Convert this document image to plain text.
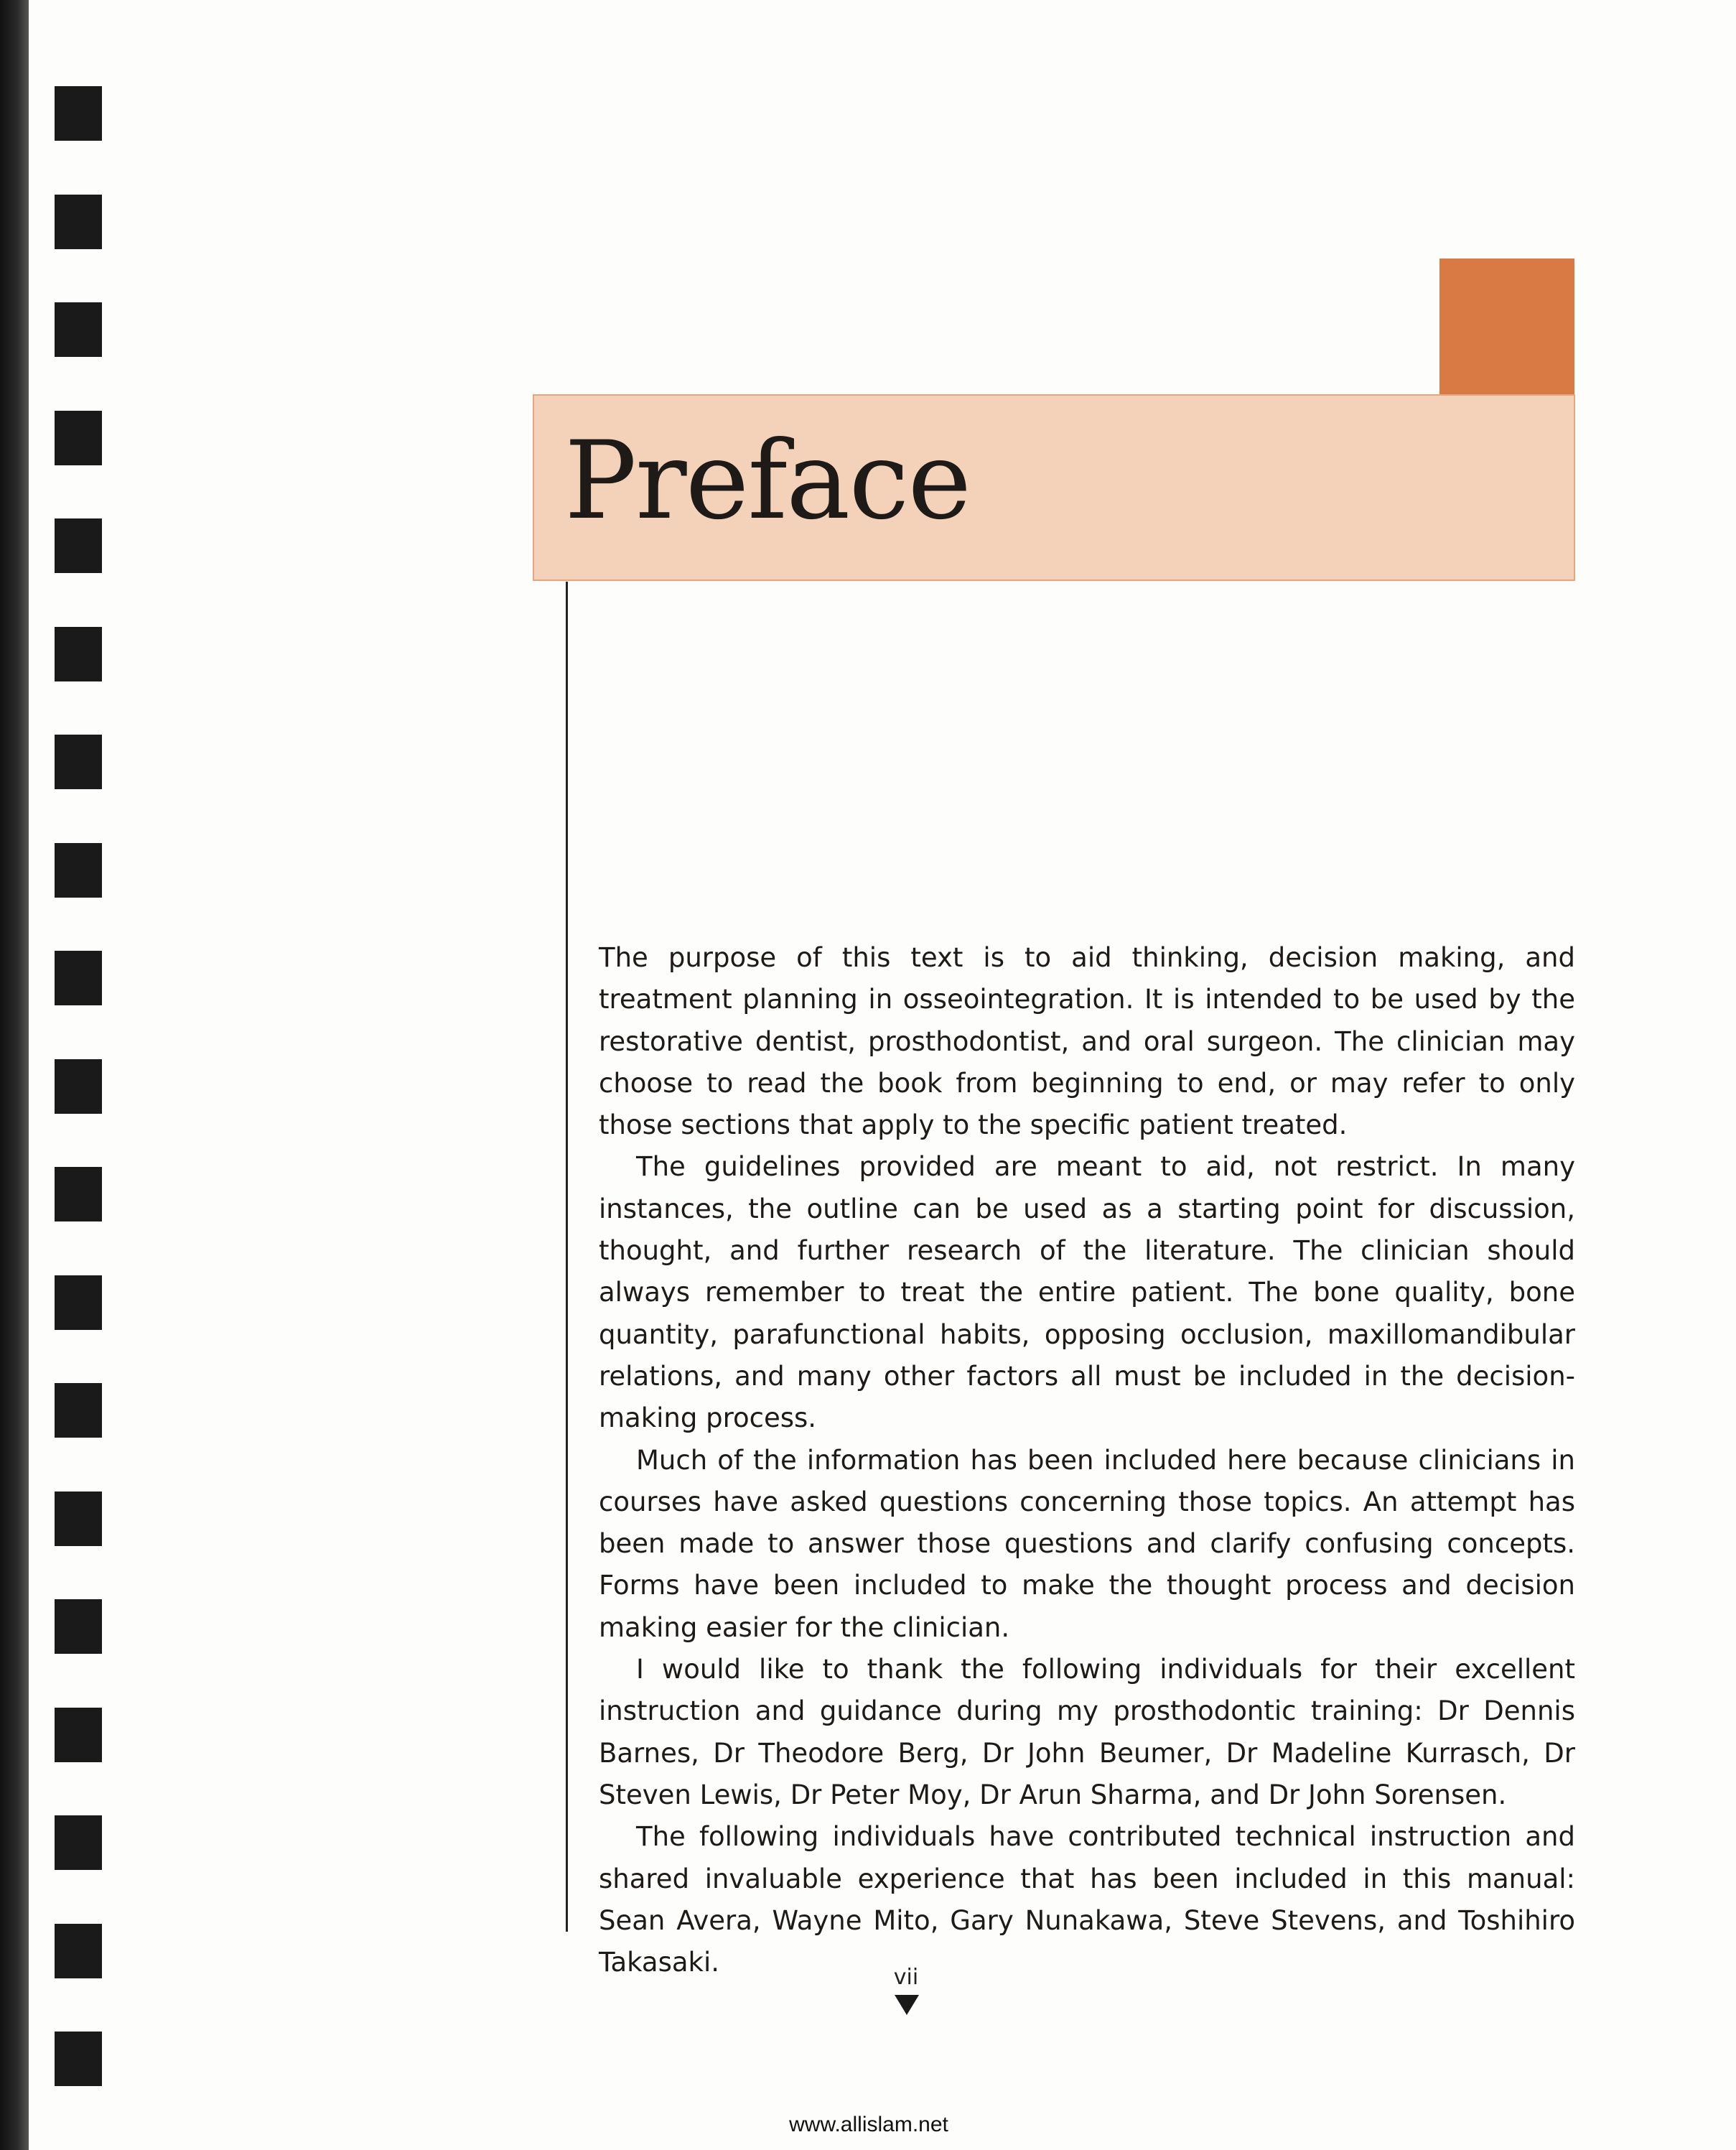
Preface

The purpose of this text is to aid thinking, decision making, and treatment planning in osseointegration. It is intended to be used by the restorative dentist, prosthodontist, and oral surgeon. The clinician may choose to read the book from beginning to end, or may refer to only those sections that apply to the specific patient treated.

The guidelines provided are meant to aid, not restrict. In many instances, the outline can be used as a starting point for discussion, thought, and further research of the literature. The clinician should always remember to treat the entire patient. The bone quality, bone quantity, parafunctional habits, opposing occlusion, maxillomandibular relations, and many other factors all must be included in the decision-making process.

Much of the information has been included here because clinicians in courses have asked questions concerning those topics. An attempt has been made to answer those questions and clarify confusing concepts. Forms have been included to make the thought process and decision making easier for the clinician.

I would like to thank the following individuals for their excellent instruction and guidance during my prosthodontic training: Dr Dennis Barnes, Dr Theodore Berg, Dr John Beumer, Dr Madeline Kurrasch, Dr Steven Lewis, Dr Peter Moy, Dr Arun Sharma, and Dr John Sorensen.

The following individuals have contributed technical instruction and shared invaluable experience that has been included in this manual: Sean Avera, Wayne Mito, Gary Nunakawa, Steve Stevens, and Toshihiro Takasaki.	vii
www.allislam.net
